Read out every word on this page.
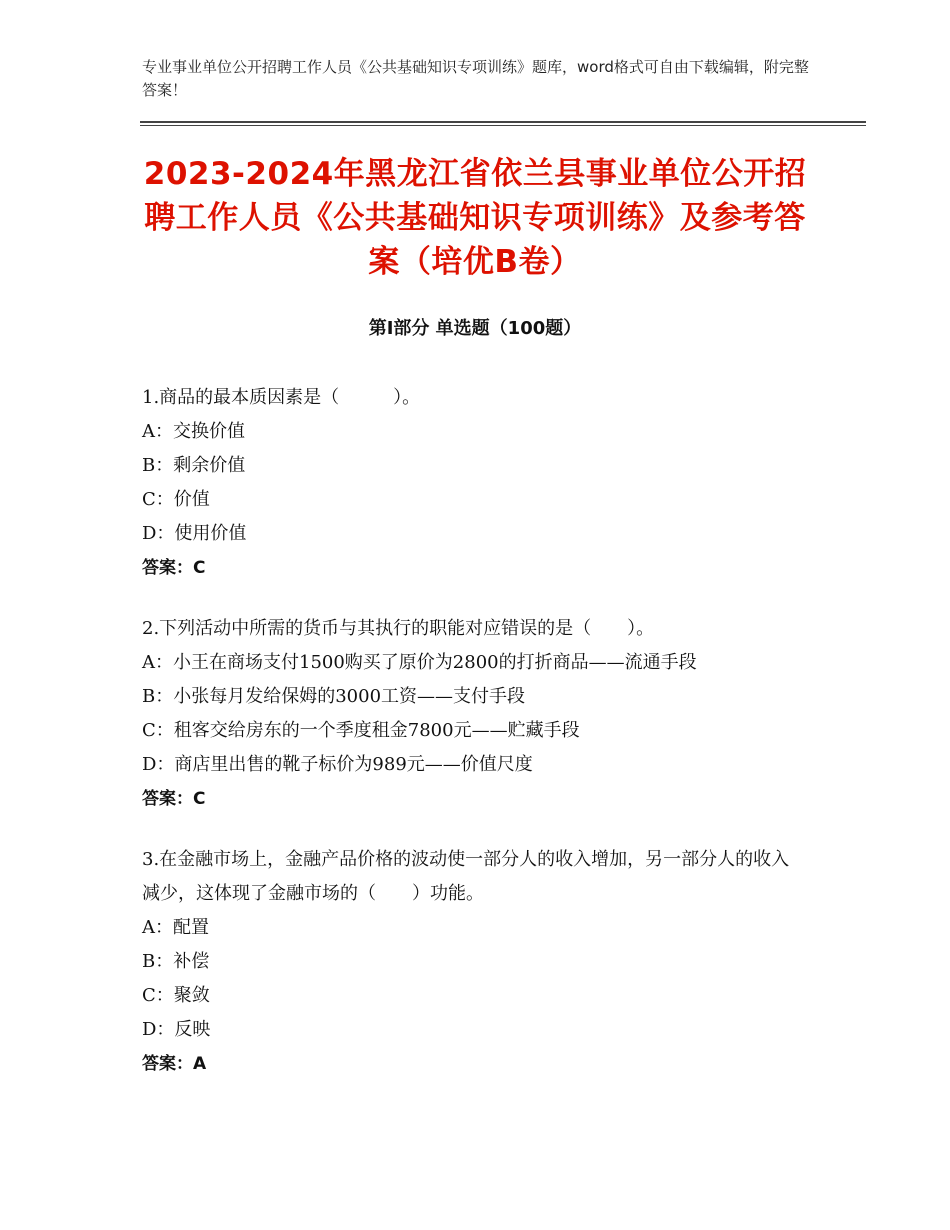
专业事业单位公开招聘工作人员《公共基础知识专项训练》题库，word格式可自由下载编辑，附完整答案！
2023-2024年黑龙江省依兰县事业单位公开招聘工作人员《公共基础知识专项训练》及参考答案（培优B卷）
第Ⅰ部分 单选题（100题）
1.商品的最本质因素是（　　　）。
A：交换价值
B：剩余价值
C：价值
D：使用价值
答案：C
2.下列活动中所需的货币与其执行的职能对应错误的是（　　）。
A：小王在商场支付1500购买了原价为2800的打折商品——流通手段
B：小张每月发给保姆的3000工资——支付手段
C：租客交给房东的一个季度租金7800元——贮藏手段
D：商店里出售的靴子标价为989元——价值尺度
答案：C
3.在金融市场上，金融产品价格的波动使一部分人的收入增加，另一部分人的收入减少，这体现了金融市场的（　　）功能。
A：配置
B：补偿
C：聚敛
D：反映
答案：A
